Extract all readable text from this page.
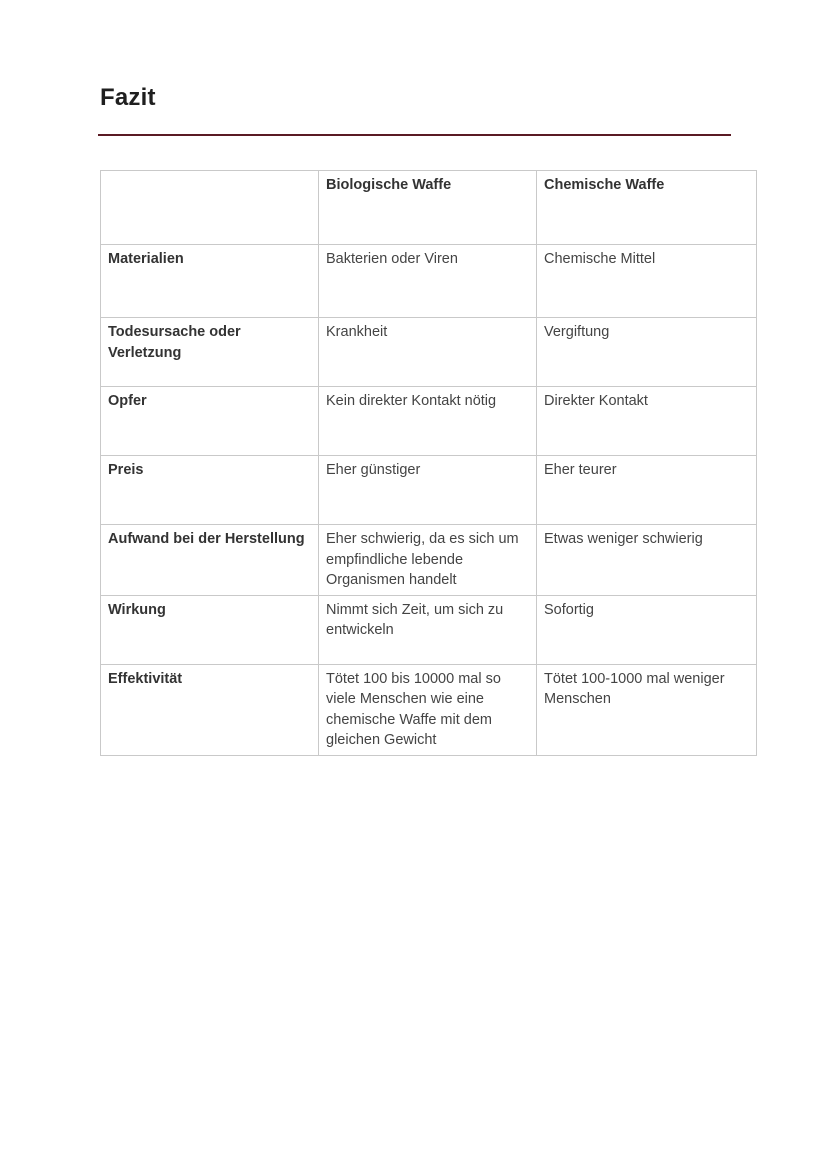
Fazit
	Biologische Waffe	Chemische Waffe
Materialien	Bakterien oder Viren	Chemische Mittel
Todesursache oder Verletzung	Krankheit	Vergiftung
Opfer	Kein direkter Kontakt nötig	Direkter Kontakt
Preis	Eher günstiger	Eher teurer
Aufwand bei der Herstellung	Eher schwierig, da es sich um empfindliche lebende Organismen handelt	Etwas weniger schwierig
Wirkung	Nimmt sich Zeit, um sich zu entwickeln	Sofortig
Effektivität	Tötet 100 bis 10000 mal so viele Menschen wie eine chemische Waffe mit dem gleichen Gewicht	Tötet 100-1000 mal weniger Menschen
